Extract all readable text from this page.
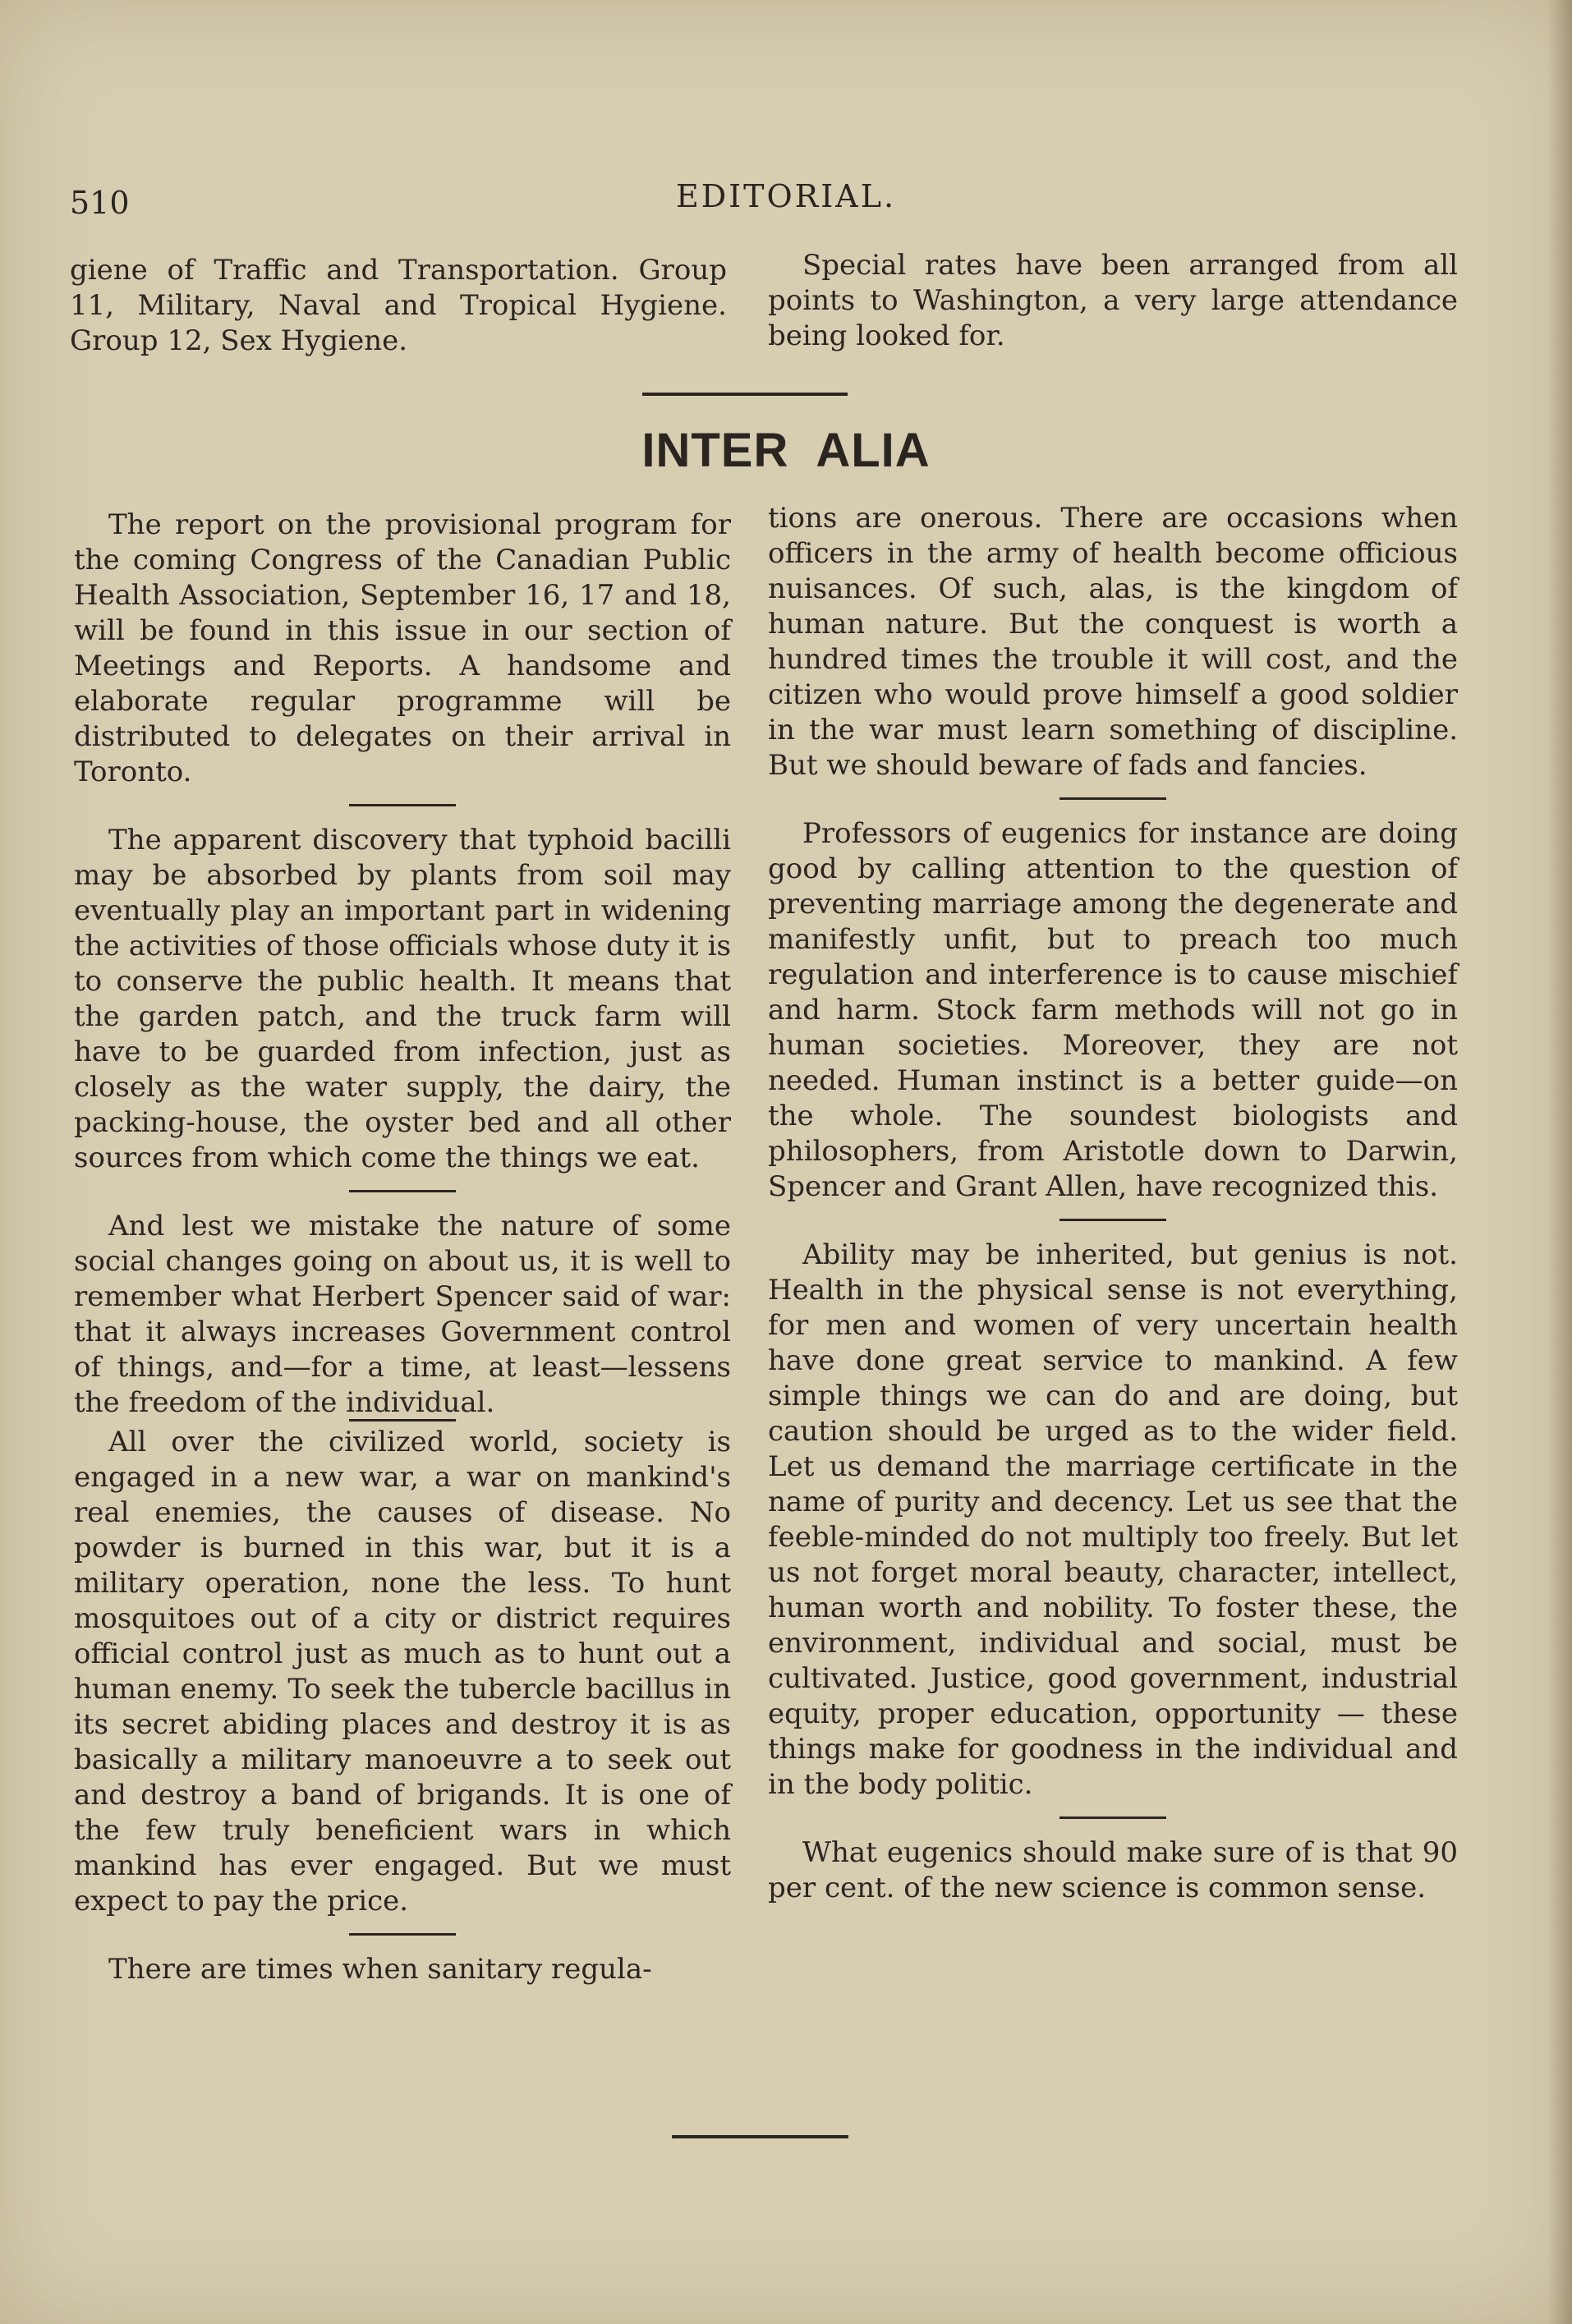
510	EDITORIAL.

giene of Traffic and Transportation. Group 11, Military, Naval and Tropical Hygiene. Group 12, Sex Hygiene.

Special rates have been arranged from all points to Washington, a very large attendance being looked for.

INTER ALIA

The report on the provisional program for the coming Congress of the Canadian Public Health Association, September 16, 17 and 18, will be found in this issue in our section of Meetings and Reports. A handsome and elaborate regular programme will be distributed to delegates on their arrival in Toronto.

The apparent discovery that typhoid bacilli may be absorbed by plants from soil may eventually play an important part in widening the activities of those officials whose duty it is to conserve the public health. It means that the garden patch, and the truck farm will have to be guarded from infection, just as closely as the water supply, the dairy, the packing-house, the oyster bed and all other sources from which come the things we eat.

And lest we mistake the nature of some social changes going on about us, it is well to remember what Herbert Spencer said of war: that it always increases Government control of things, and—for a time, at least—lessens the freedom of the individual.

All over the civilized world, society is engaged in a new war, a war on mankind's real enemies, the causes of disease. No powder is burned in this war, but it is a military operation, none the less. To hunt mosquitoes out of a city or district requires official control just as much as to hunt out a human enemy. To seek the tubercle bacillus in its secret abiding places and destroy it is as basically a military manoeuvre a to seek out and destroy a band of brigands. It is one of the few truly beneficient wars in which mankind has ever engaged. But we must expect to pay the price.

There are times when sanitary regula-

tions are onerous. There are occasions when officers in the army of health become officious nuisances. Of such, alas, is the kingdom of human nature. But the conquest is worth a hundred times the trouble it will cost, and the citizen who would prove himself a good soldier in the war must learn something of discipline. But we should beware of fads and fancies.

Professors of eugenics for instance are doing good by calling attention to the question of preventing marriage among the degenerate and manifestly unfit, but to preach too much regulation and interference is to cause mischief and harm. Stock farm methods will not go in human societies. Moreover, they are not needed. Human instinct is a better guide—on the whole. The soundest biologists and philosophers, from Aristotle down to Darwin, Spencer and Grant Allen, have recognized this.

Ability may be inherited, but genius is not. Health in the physical sense is not everything, for men and women of very uncertain health have done great service to mankind. A few simple things we can do and are doing, but caution should be urged as to the wider field. Let us demand the marriage certificate in the name of purity and decency. Let us see that the feeble-minded do not multiply too freely. But let us not forget moral beauty, character, intellect, human worth and nobility. To foster these, the environment, individual and social, must be cultivated. Justice, good government, industrial equity, proper education, opportunity — these things make for goodness in the individual and in the body politic.

What eugenics should make sure of is that 90 per cent. of the new science is common sense.
